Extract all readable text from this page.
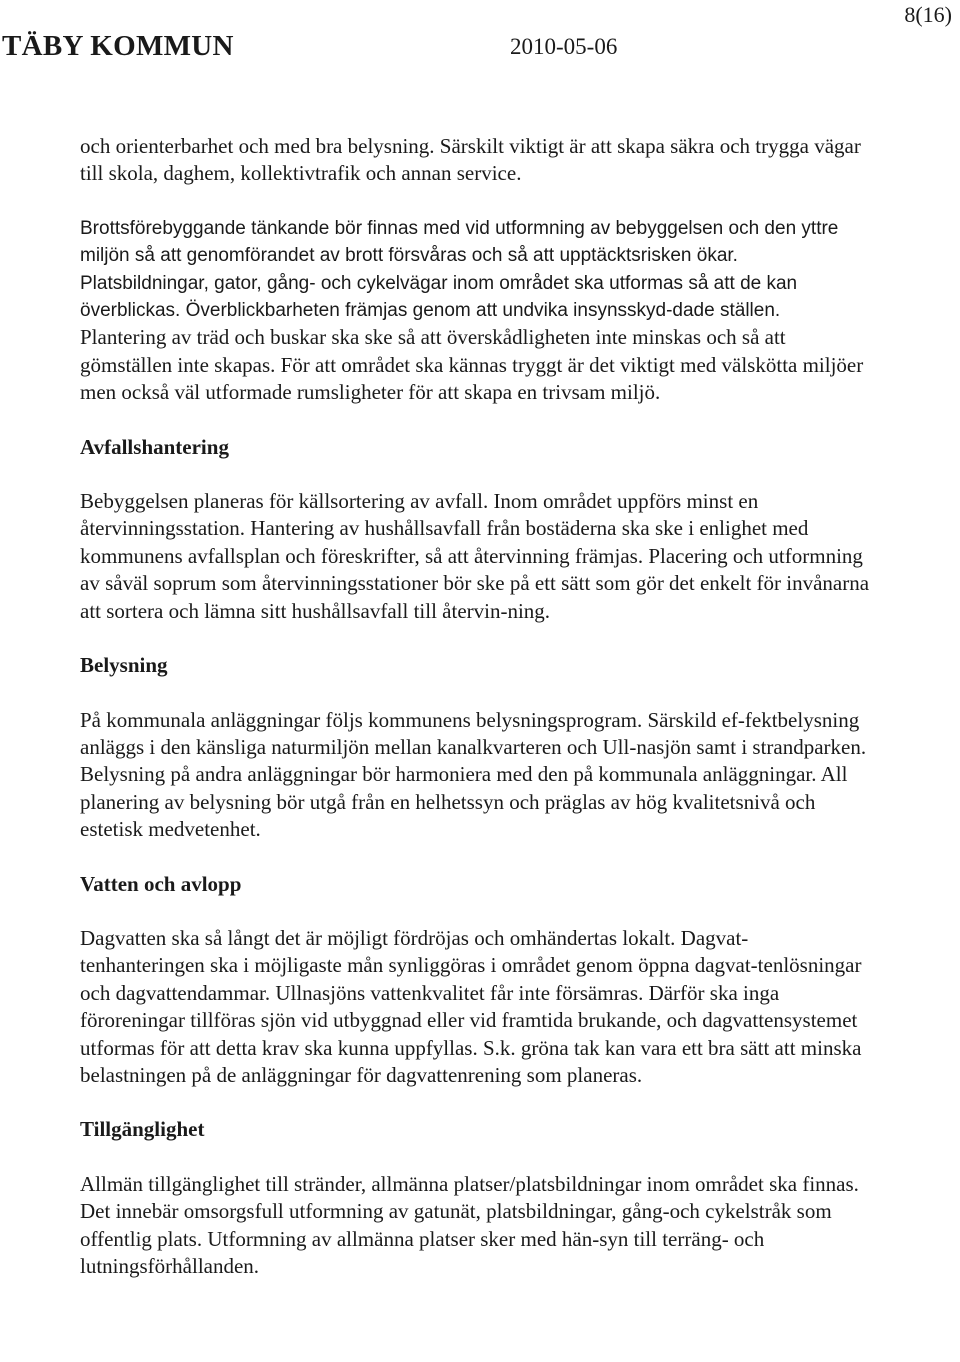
8(16)
TÄBY KOMMUN	2010-05-06

och orienterbarhet och med bra belysning. Särskilt viktigt är att skapa säkra och trygga vägar till skola, daghem, kollektivtrafik och annan service.

Brottsförebyggande tänkande bör finnas med vid utformning av bebyggelsen och den yttre miljön så att genomförandet av brott försvåras och så att upptäcktsrisken ökar. Platsbildningar, gator, gång- och cykelvägar inom området ska utformas så att de kan överblickas. Överblickbarheten främjas genom att undvika insynsskyd-dade ställen.

Plantering av träd och buskar ska ske så att överskådligheten inte minskas och så att gömställen inte skapas. För att området ska kännas tryggt är det viktigt med välskötta miljöer men också väl utformade rumsligheter för att skapa en trivsam miljö.

Avfallshantering

Bebyggelsen planeras för källsortering av avfall. Inom området uppförs minst en återvinningsstation. Hantering av hushållsavfall från bostäderna ska ske i enlighet med kommunens avfallsplan och föreskrifter, så att återvinning främjas. Placering och utformning av såväl soprum som återvinningsstationer bör ske på ett sätt som gör det enkelt för invånarna att sortera och lämna sitt hushållsavfall till återvin-ning.

Belysning

På kommunala anläggningar följs kommunens belysningsprogram. Särskild ef-fektbelysning anläggs i den känsliga naturmiljön mellan kanalkvarteren och Ull-nasjön samt i strandparken. Belysning på andra anläggningar bör harmoniera med den på kommunala anläggningar. All planering av belysning bör utgå från en helhetssyn och präglas av hög kvalitetsnivå och estetisk medvetenhet.

Vatten och avlopp

Dagvatten ska så långt det är möjligt fördröjas och omhändertas lokalt. Dagvat-tenhanteringen ska i möjligaste mån synliggöras i området genom öppna dagvat-tenlösningar och dagvattendammar. Ullnasjöns vattenkvalitet får inte försämras. Därför ska inga föroreningar tillföras sjön vid utbyggnad eller vid framtida brukande, och dagvattensystemet utformas för att detta krav ska kunna uppfyllas. S.k. gröna tak kan vara ett bra sätt att minska belastningen på de anläggningar för dagvattenrening som planeras.

Tillgänglighet

Allmän tillgänglighet till stränder, allmänna platser/platsbildningar inom området ska finnas. Det innebär omsorgsfull utformning av gatunät, platsbildningar, gång-och cykelstråk som offentlig plats. Utformning av allmänna platser sker med hän-syn till terräng- och lutningsförhållanden.
